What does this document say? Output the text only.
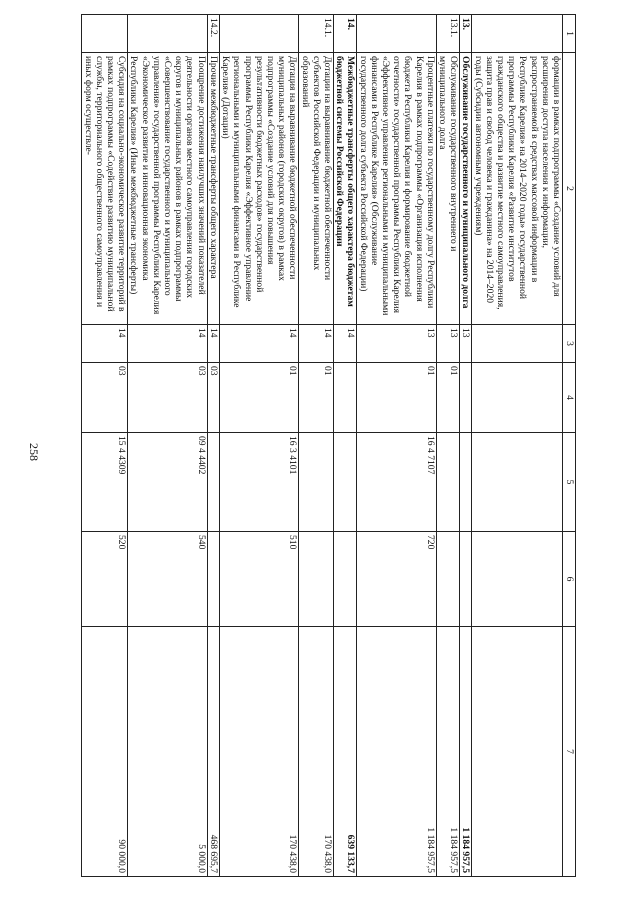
258
1	2	3	4	5	6	7
	формации в рамках подпрограммы «Создание условий для расширения доступа населения к информации, распространяемой в средствах массовой информации в Республике Карелия» на 2014–2020 годы» государственной программы Республики Карелия «Развитие институтов гражданского общества и развитие местного самоуправления, защита прав и свобод человека и гражданина» на 2014–2020 годы (Субсидии автономным учреждениям)					
13.	Обслуживание государственного и муниципального долга	13				1 184 957,5
13.1.	Обслуживание государственного внутреннего и муниципального долга	13	01			1 184 957,5
	Процентные платежи по государственному долгу Республики Карелия в рамках подпрограммы «Организация исполнения бюджета Республики Карелия и формирование бюджетной отчетности» государственной программы Республики Карелия «Эффективное управление региональными и муниципальными финансами в Республике Карелия» (Обслуживание государственного долга субъекта Российской Федерации)	13	01	16 4 7107	720	1 184 957,5
14.	Межбюджетные трансферты общего характера бюджетам бюджетной системы Российской Федерации	14				639 133,7
14.1.	Дотации на выравнивание бюджетной обеспеченности субъектов Российской Федерации и муниципальных образований	14	01			170 438,0
	Дотация на выравнивание бюджетной обеспеченности муниципальных районов (городских округов) в рамках подпрограммы «Создание условий для повышения результативности бюджетных расходов» государственной программы Республики Карелия «Эффективное управление региональными и муниципальными финансами в Республике Карелия» (Дотации)	14	01	16 3 4101	510	170 438,0
14.2.	Прочие межбюджетные трансферты общего характера	14	03			468 695,7
	Поощрение достижения наилучших значений показателей деятельности органов местного самоуправления городских округов и муниципальных районов в рамках подпрограммы «Совершенствование государственного и муниципального управления» государственной программы Республики Карелия «Экономическое развитие и инновационная экономика Республики Карелия» (Иные межбюджетные трансферты)	14	03	09 4 4402	540	5 000,0
	Субсидия на социально-экономическое развитие территорий в рамках подпрограммы «Содействие развитию муниципальной службы, территориального общественного самоуправления и иных форм осуществле-	14	03	15 4 4309	520	90 000,0
